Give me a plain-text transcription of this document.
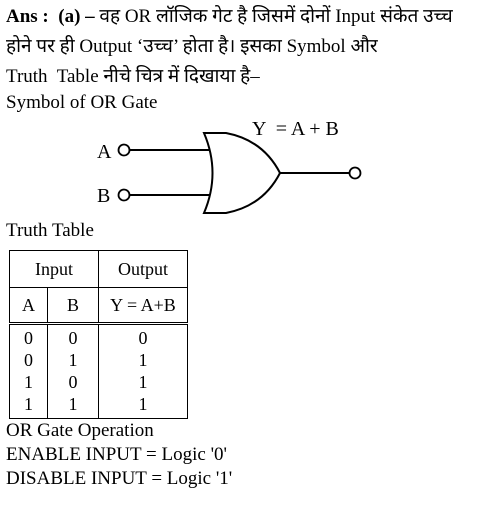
Ans : (a) – वह OR लॉजिक गेट है जिसमें दोनों Input संकेत उच्च होने पर ही Output ‘उच्च’ होता है। इसका Symbol और
Truth  Table नीचे चित्र में दिखाया है–

Symbol of OR Gate
Y  = A + B
A
B
Truth Table
Input		Output
A	B	Y = A+B
0	0	0
0	1	1
1	0	1
1	1	1
OR Gate Operation
ENABLE INPUT = Logic '0'
DISABLE INPUT = Logic '1'
